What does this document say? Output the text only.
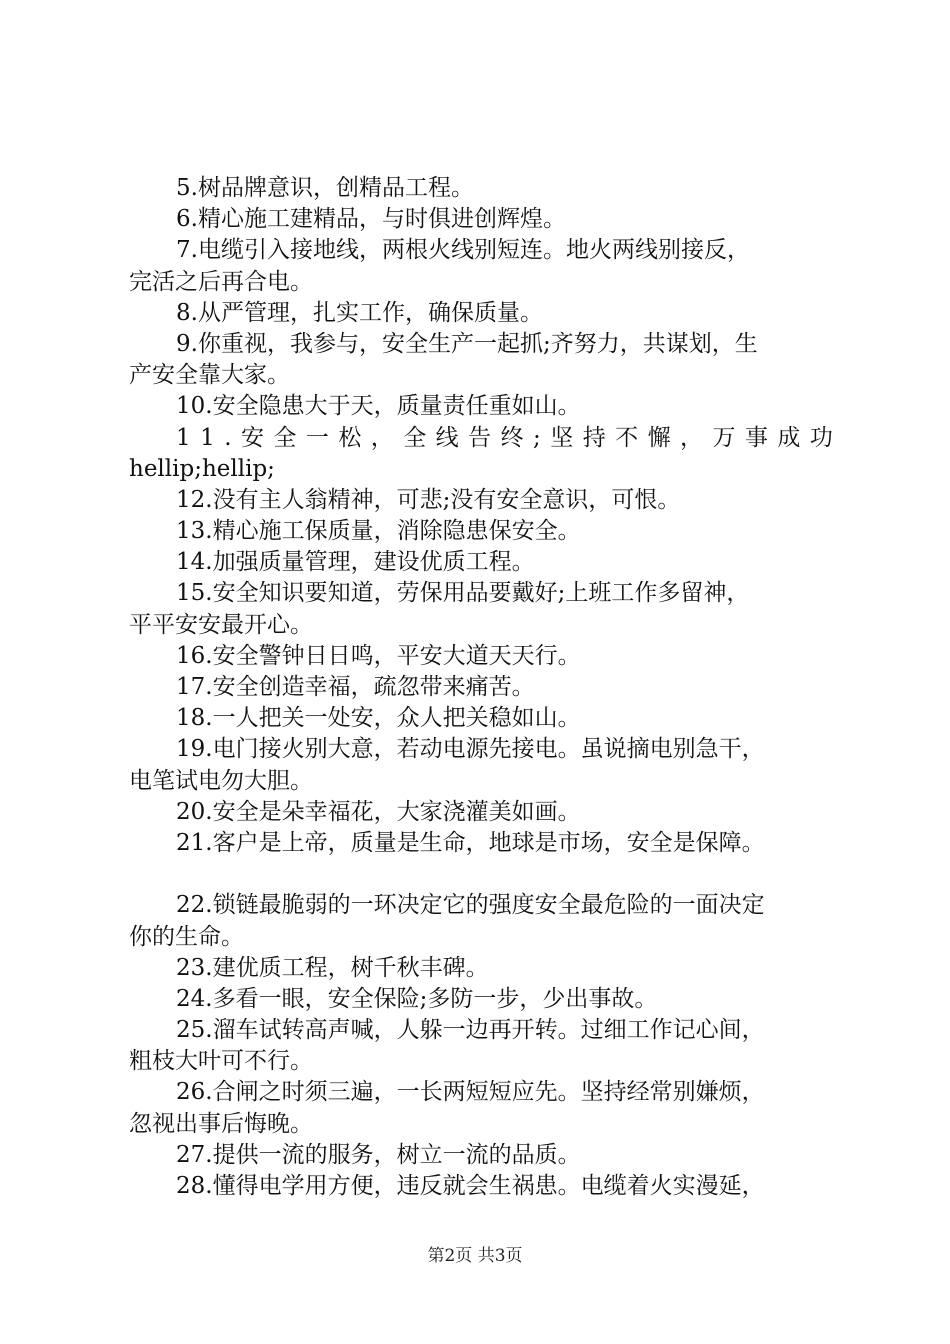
5.树品牌意识，创精品工程。
6.精心施工建精品，与时俱进创辉煌。
7.电缆引入接地线，两根火线别短连。地火两线别接反，
完活之后再合电。
8.从严管理，扎实工作，确保质量。
9.你重视，我参与，安全生产一起抓;齐努力，共谋划，生
产安全靠大家。
10.安全隐患大于天，质量责任重如山。
1 1 . 安 全 一 松 ， 全 线 告 终 ; 坚 持 不 懈 ， 万 事 成 功
hellip;hellip;
12.没有主人翁精神，可悲;没有安全意识，可恨。
13.精心施工保质量，消除隐患保安全。
14.加强质量管理，建设优质工程。
15.安全知识要知道，劳保用品要戴好;上班工作多留神，
平平安安最开心。
16.安全警钟日日鸣，平安大道天天行。
17.安全创造幸福，疏忽带来痛苦。
18.一人把关一处安，众人把关稳如山。
19.电门接火别大意，若动电源先接电。虽说摘电别急干，
电笔试电勿大胆。
20.安全是朵幸福花，大家浇灌美如画。
21.客户是上帝，质量是生命，地球是市场，安全是保障。
22.锁链最脆弱的一环决定它的强度安全最危险的一面决定
你的生命。
23.建优质工程，树千秋丰碑。
24.多看一眼，安全保险;多防一步，少出事故。
25.溜车试转高声喊，人躲一边再开转。过细工作记心间，
粗枝大叶可不行。
26.合闸之时须三遍，一长两短短应先。坚持经常别嫌烦，
忽视出事后悔晚。
27.提供一流的服务，树立一流的品质。
28.懂得电学用方便，违反就会生祸患。电缆着火实漫延，
第2页 共3页
